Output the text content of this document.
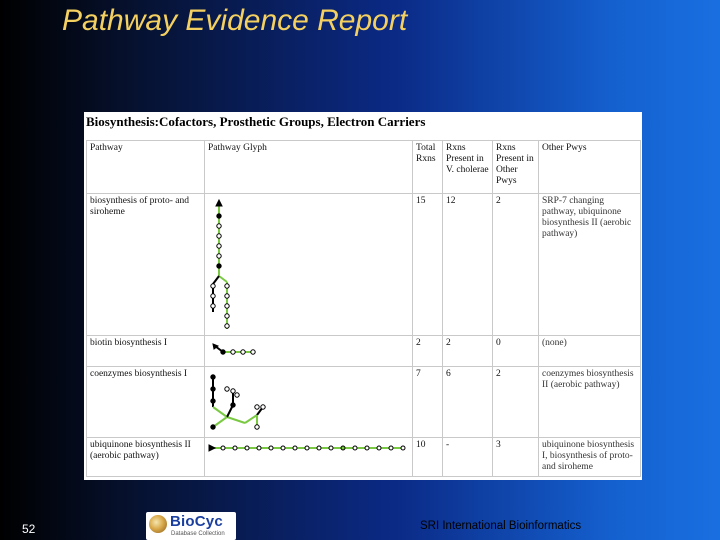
Pathway Evidence Report
Biosynthesis:Cofactors, Prosthetic Groups, Electron Carriers
Pathway	Pathway Glyph	Total Rxns	Rxns Present in V. cholerae	Rxns Present in Other Pwys	Other Pwys
biosynthesis of proto- and siroheme		15	12	2	SRP-7 changing pathway, ubiquinone biosynthesis II (aerobic pathway)
biotin biosynthesis I		2	2	0	(none)
coenzymes biosynthesis I		7	6	2	coenzymes biosynthesis II (aerobic pathway)
ubiquinone biosynthesis II (aerobic pathway)		10	-	3	ubiquinone biosynthesis I, biosynthesis of proto- and siroheme
52	BioCyc
Database Collection
SRI International Bioinformatics
